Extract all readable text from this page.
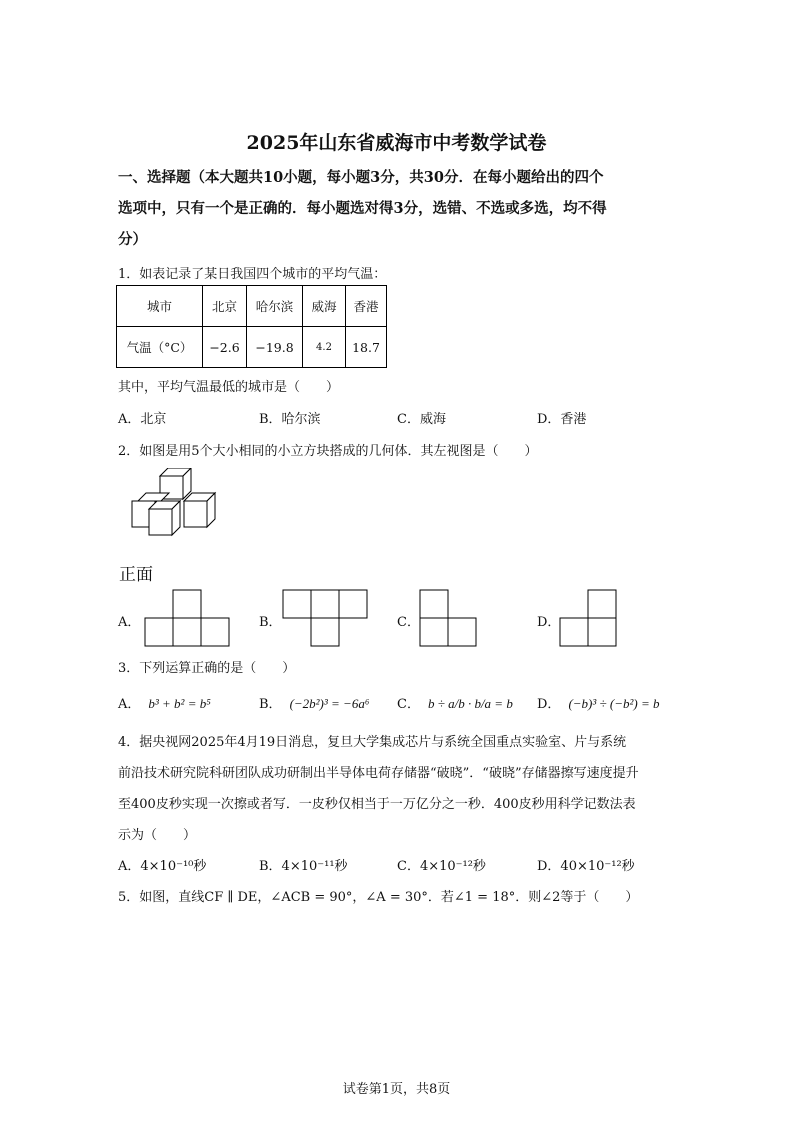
2025年山东省威海市中考数学试卷
一、选择题（本大题共10小题，每小题3分，共30分．在每小题给出的四个
选项中，只有一个是正确的．每小题选对得3分，选错、不选或多选，均不得
分）
1．如表记录了某日我国四个城市的平均气温：
城市	北京	哈尔滨	威海	香港
气温（°C）	−2.6	−19.8	4.2	18.7
其中，平均气温最低的城市是（　　）
A．北京	B．哈尔滨	C．威海	D．香港
2．如图是用5个大小相同的小立方块搭成的几何体．其左视图是（　　）
正面
A．	B．	C．	D．
3．下列运算正确的是（　　）
A． b³ + b² = b⁵	B． (−2b²)³ = −6a⁶ C． b ÷ a/b · b/a = b D． (−b)³ ÷ (−b²) = b
4．据央视网2025年4月19日消息，复旦大学集成芯片与系统全国重点实验室、片与系统
前沿技术研究院科研团队成功研制出半导体电荷存储器“破晓”．“破晓”存储器擦写速度提升
至400皮秒实现一次擦或者写．一皮秒仅相当于一万亿分之一秒．400皮秒用科学记数法表
示为（　　）
A．4×10⁻¹⁰秒	B．4×10⁻¹¹秒	C．4×10⁻¹²秒	D．40×10⁻¹²秒
5．如图，直线CF ∥ DE，∠ACB = 90°，∠A = 30°．若∠1 = 18°．则∠2等于（　　）
试卷第1页，共8页
